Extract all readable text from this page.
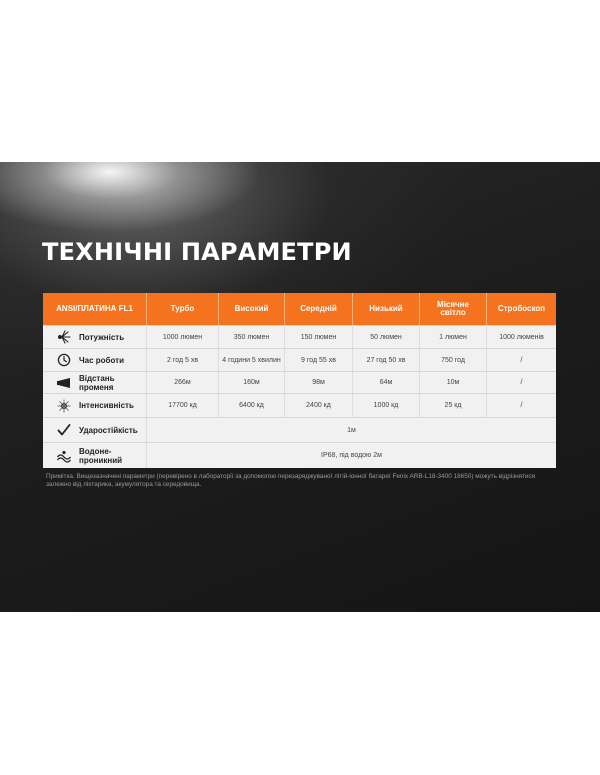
ТЕХНІЧНІ ПАРАМЕТРИ
ANSI/ПЛАТИНА FL1	Турбо	Високий	Середній	Низький	Місячне світло	Стробоскоп
Потужність	1000 люмен	350 люмен	150 люмен	50 люмен	1 люмен	1000 люменів
Час роботи	2 год 5 хв	4 години 5 хвилин	9 год 55 хв	27 год 50 хв	750 год	/
Відстань променя	266м	160м	98м	64м	10м	/
Інтенсивність	17700 кд	6400 кд	2400 кд	1000 кд	25 кд	/
Ударостійкість	1м
Водоне-проникний	IP68, під водою 2м

Примітка. Вищезазначені параметри (перевірено в лабораторії за допомогою перезаряджуваної літій-іонної батареї Fenix ARB-L18-3400 18650) можуть відрізнятися залежно від ліхтарика, акумулятора та середовища.
